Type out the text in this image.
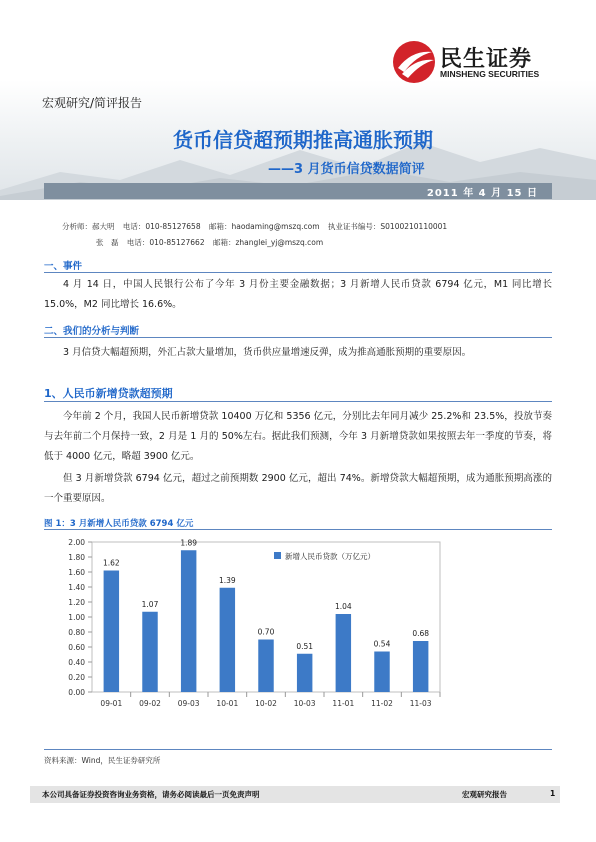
民生证券
MINSHENG SECURITIES
宏观研究/简评报告
货币信贷超预期推高通胀预期
——3 月货币信贷数据简评
2011 年 4 月 15 日
分析师：郝大明 电话：010-85127658 邮箱：haodaming@mszq.com 执业证书编号：S0100210110001
张　磊 电话：010-85127662 邮箱：zhanglei_yj@mszq.com
一、事件
4 月 14 日，中国人民银行公布了今年 3 月份主要金融数据；3 月新增人民币贷款 6794 亿元，M1 同比增长 15.0%，M2 同比增长 16.6%。
二、我们的分析与判断
3 月信贷大幅超预期，外汇占款大量增加，货币供应量增速反弹，成为推高通胀预期的重要原因。
1、人民币新增贷款超预期
今年前 2 个月，我国人民币新增贷款 10400 万亿和 5356 亿元，分别比去年同月减少 25.2%和 23.5%，投放节奏与去年前二个月保持一致，2 月是 1 月的 50%左右。据此我们预测，今年 3 月新增贷款如果按照去年一季度的节奏，将低于 4000 亿元，略超 3900 亿元。
但 3 月新增贷款 6794 亿元，超过之前预期数 2900 亿元，超出 74%。新增贷款大幅超预期，成为通胀预期高涨的一个重要原因。
图 1：3 月新增人民币贷款 6794 亿元
0.00
0.20
0.40
0.60
0.80
1.00
1.20
1.40
1.60
1.80
2.00
1.62
09-01
1.07
09-02
1.89
09-03
1.39
10-01
0.70
10-02
0.51
10-03
1.04
11-01
0.54
11-02
0.68
11-03
新增人民币贷款（万亿元）
资料来源：Wind，民生证券研究所
本公司具备证券投资咨询业务资格，请务必阅读最后一页免责声明	宏观研究报告	1
